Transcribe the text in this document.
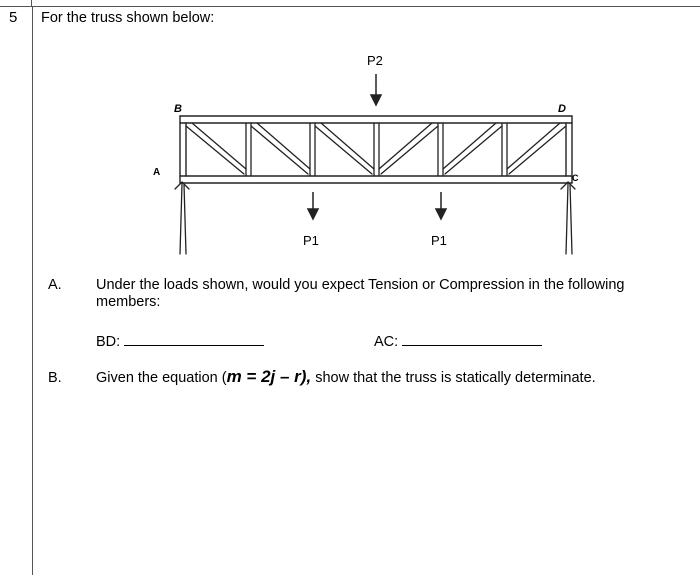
5 For the truss shown below:
B	D
A	C
P2
P1	P1
A. Under the loads shown, would you expect Tension or Compression in the following
members:
BD:	AC:
B. Given the equation (m = 2j – r), show that the truss is statically determinate.
